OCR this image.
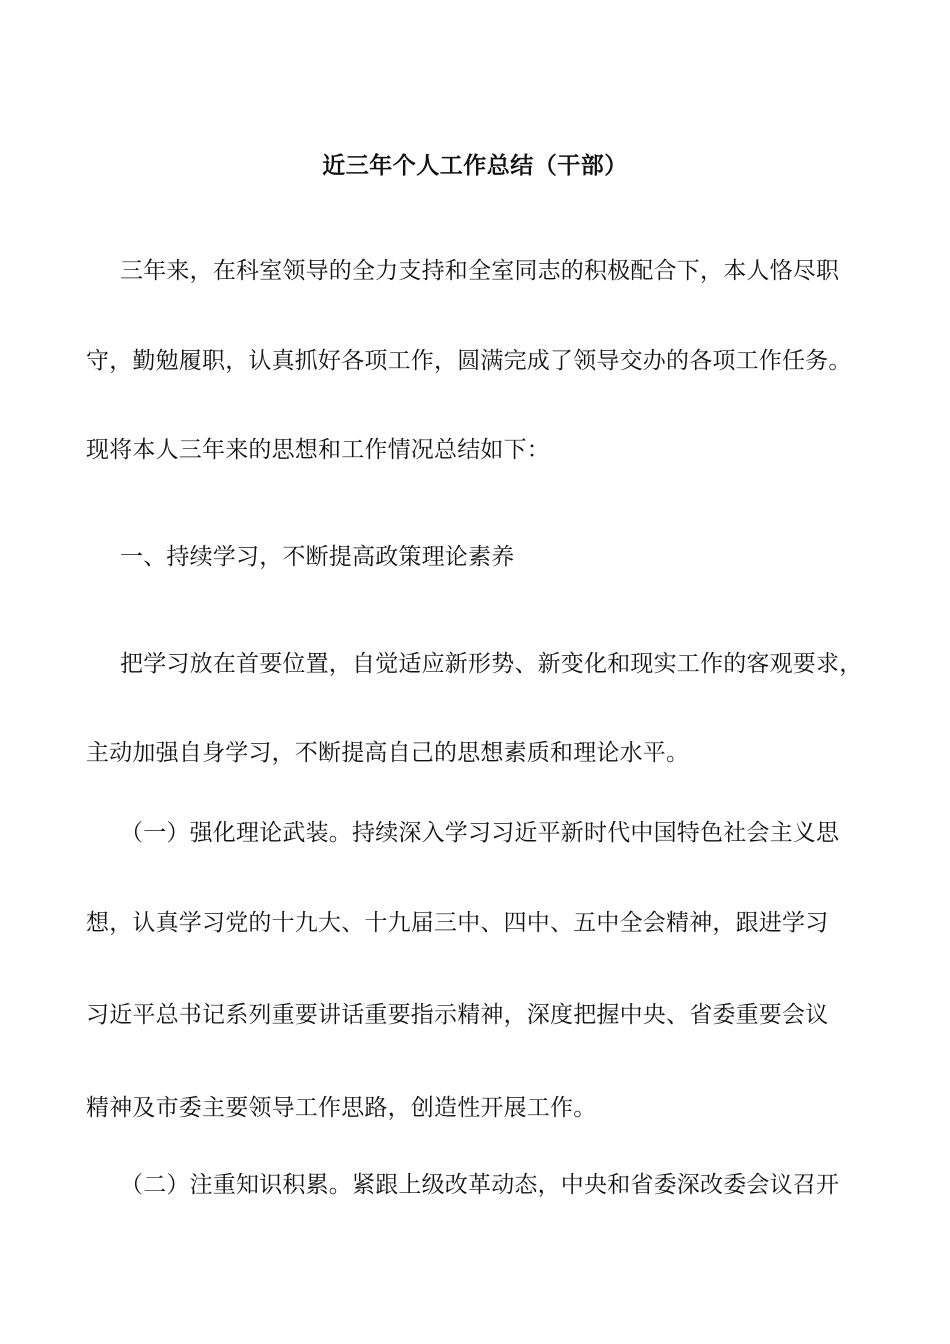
近三年个人工作总结（干部）
三年来，在科室领导的全力支持和全室同志的积极配合下，本人恪尽职
守，勤勉履职，认真抓好各项工作，圆满完成了领导交办的各项工作任务。
现将本人三年来的思想和工作情况总结如下：
一、持续学习，不断提高政策理论素养
把学习放在首要位置，自觉适应新形势、新变化和现实工作的客观要求，
主动加强自身学习，不断提高自己的思想素质和理论水平。
（一）强化理论武装。持续深入学习习近平新时代中国特色社会主义思
想，认真学习党的十九大、十九届三中、四中、五中全会精神，跟进学习
习近平总书记系列重要讲话重要指示精神，深度把握中央、省委重要会议
精神及市委主要领导工作思路，创造性开展工作。
（二）注重知识积累。紧跟上级改革动态，中央和省委深改委会议召开
